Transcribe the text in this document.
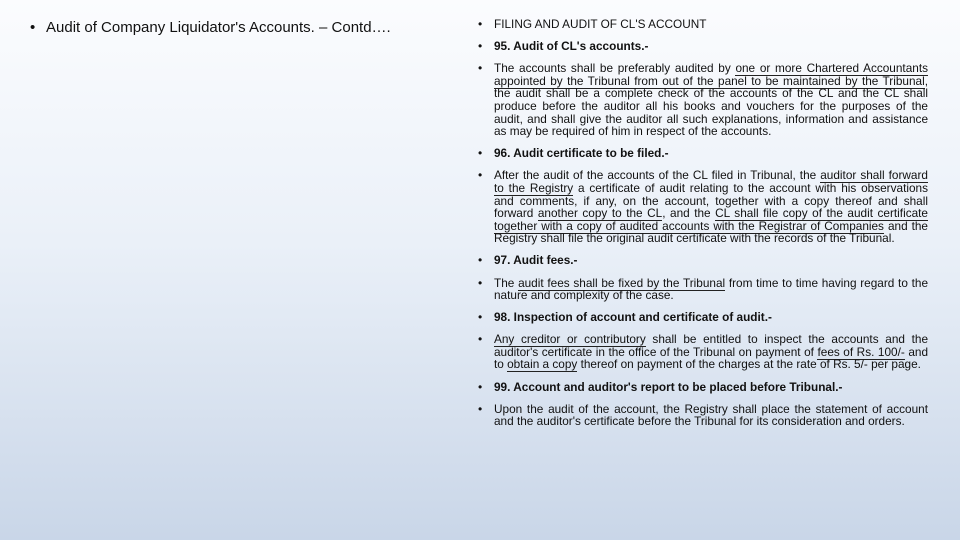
• Audit of Company Liquidator's Accounts. – Contd….	• FILING AND AUDIT OF CL'S ACCOUNT
• 95. Audit of CL's accounts.-
• The accounts shall be preferably audited by one or more Chartered Accountants appointed by the Tribunal from out of the panel to be maintained by the Tribunal, the audit shall be a complete check of the accounts of the CL and the CL shall produce before the auditor all his books and vouchers for the purposes of the audit, and shall give the auditor all such explanations, information and assistance as may be required of him in respect of the accounts.
• 96. Audit certificate to be filed.-
• After the audit of the accounts of the CL filed in Tribunal, the auditor shall forward to the Registry a certificate of audit relating to the account with his observations and comments, if any, on the account, together with a copy thereof and shall forward another copy to the CL, and the CL shall file copy of the audit certificate together with a copy of audited accounts with the Registrar of Companies and the Registry shall file the original audit certificate with the records of the Tribunal.
• 97. Audit fees.-
• The audit fees shall be fixed by the Tribunal from time to time having regard to the nature and complexity of the case.
• 98. Inspection of account and certificate of audit.-
• Any creditor or contributory shall be entitled to inspect the accounts and the auditor's certificate in the office of the Tribunal on payment of fees of Rs. 100/- and to obtain a copy thereof on payment of the charges at the rate of Rs. 5/- per page.
• 99. Account and auditor's report to be placed before Tribunal.-
• Upon the audit of the account, the Registry shall place the statement of account and the auditor's certificate before the Tribunal for its consideration and orders.
